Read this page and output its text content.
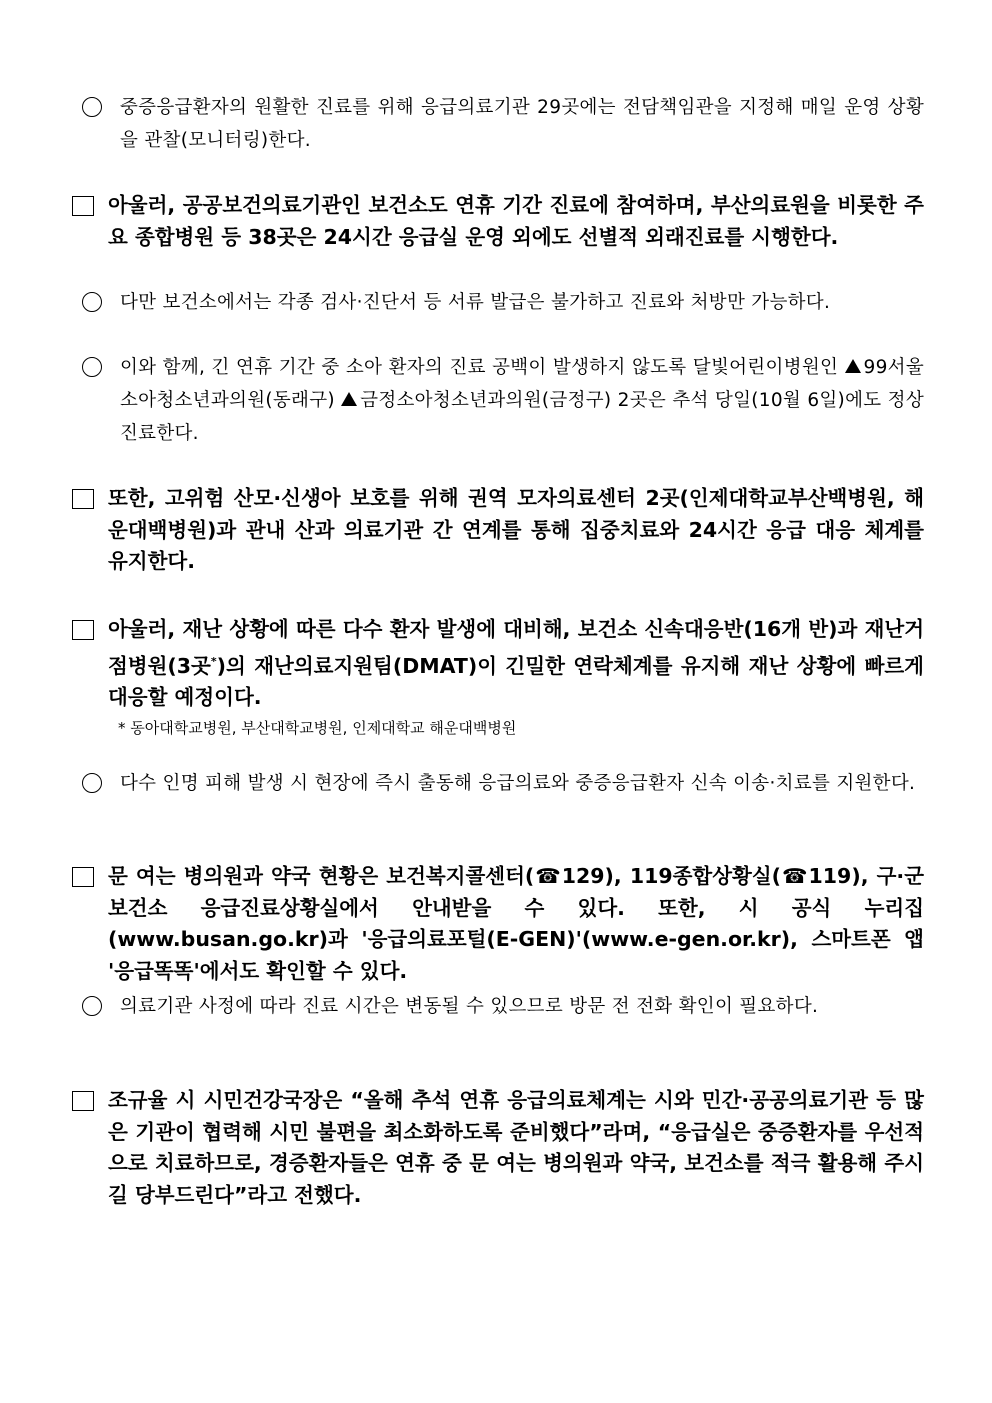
중증응급환자의 원활한 진료를 위해 응급의료기관 29곳에는 전담책임관을 지정해 매일 운영 상황을 관찰(모니터링)한다.
아울러, 공공보건의료기관인 보건소도 연휴 기간 진료에 참여하며, 부산의료원을 비롯한 주요 종합병원 등 38곳은 24시간 응급실 운영 외에도 선별적 외래진료를 시행한다.
다만 보건소에서는 각종 검사·진단서 등 서류 발급은 불가하고 진료와 처방만 가능하다.
이와 함께, 긴 연휴 기간 중 소아 환자의 진료 공백이 발생하지 않도록 달빛어린이병원인 99서울소아청소년과의원(동래구) 금정소아청소년과의원(금정구) 2곳은 추석 당일(10월 6일)에도 정상 진료한다.
또한, 고위험 산모·신생아 보호를 위해 권역 모자의료센터 2곳(인제대학교부산백병원, 해운대백병원)과 관내 산과 의료기관 간 연계를 통해 집중치료와 24시간 응급 대응 체계를 유지한다.
아울러, 재난 상황에 따른 다수 환자 발생에 대비해, 보건소 신속대응반(16개 반)과 재난거점병원(3곳*)의 재난의료지원팀(DMAT)이 긴밀한 연락체계를 유지해 재난 상황에 빠르게 대응할 예정이다.
* 동아대학교병원, 부산대학교병원, 인제대학교 해운대백병원
다수 인명 피해 발생 시 현장에 즉시 출동해 응급의료와 중증응급환자 신속 이송·치료를 지원한다.
문 여는 병의원과 약국 현황은 보건복지콜센터(☎129), 119종합상황실(☎119), 구·군 보건소 응급진료상황실에서 안내받을 수 있다. 또한, 시 공식 누리집(www.busan.go.kr)과 '응급의료포털(E-GEN)'(www.e-gen.or.kr), 스마트폰 앱 '응급똑똑'에서도 확인할 수 있다.
의료기관 사정에 따라 진료 시간은 변동될 수 있으므로 방문 전 전화 확인이 필요하다.
조규율 시 시민건강국장은 “올해 추석 연휴 응급의료체계는 시와 민간·공공의료기관 등 많은 기관이 협력해 시민 불편을 최소화하도록 준비했다”라며, “응급실은 중증환자를 우선적으로 치료하므로, 경증환자들은 연휴 중 문 여는 병의원과 약국, 보건소를 적극 활용해 주시길 당부드린다”라고 전했다.
